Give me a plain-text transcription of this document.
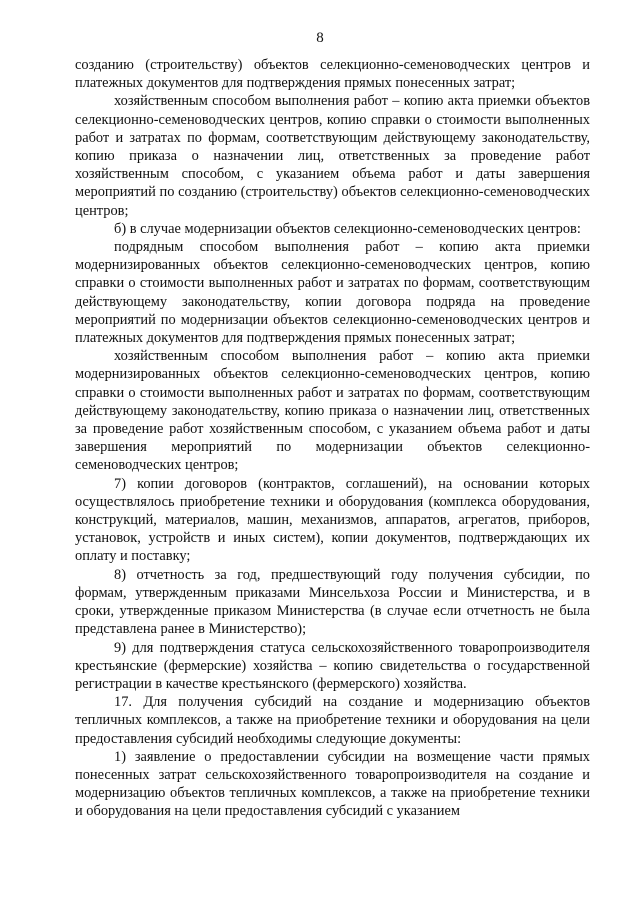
8

созданию (строительству) объектов селекционно-семеноводческих центров и платежных документов для подтверждения прямых понесенных затрат;

хозяйственным способом выполнения работ – копию акта приемки объектов селекционно-семеноводческих центров, копию справки о стоимости выполненных работ и затратах по формам, соответствующим действующему законодательству, копию приказа о назначении лиц, ответственных за проведение работ хозяйственным способом, с указанием объема работ и даты завершения мероприятий по созданию (строительству) объектов селекционно-семеноводческих центров;

б) в случае модернизации объектов селекционно-семеноводческих центров:

подрядным способом выполнения работ – копию акта приемки модернизированных объектов селекционно-семеноводческих центров, копию справки о стоимости выполненных работ и затратах по формам, соответствующим действующему законодательству, копии договора подряда на проведение мероприятий по модернизации объектов селекционно-семеноводческих центров и платежных документов для подтверждения прямых понесенных затрат;

хозяйственным способом выполнения работ – копию акта приемки модернизированных объектов селекционно-семеноводческих центров, копию справки о стоимости выполненных работ и затратах по формам, соответствующим действующему законодательству, копию приказа о назначении лиц, ответственных за проведение работ хозяйственным способом, с указанием объема работ и даты завершения мероприятий по модернизации объектов селекционно-семеноводческих центров;

7) копии договоров (контрактов, соглашений), на основании которых осуществлялось приобретение техники и оборудования (комплекса оборудования, конструкций, материалов, машин, механизмов, аппаратов, агрегатов, приборов, установок, устройств и иных систем), копии документов, подтверждающих их оплату и поставку;

8) отчетность за год, предшествующий году получения субсидии, по формам, утвержденным приказами Минсельхоза России и Министерства, и в сроки, утвержденные приказом Министерства (в случае если отчетность не была представлена ранее в Министерство);

9) для подтверждения статуса сельскохозяйственного товаропроизводителя крестьянские (фермерские) хозяйства – копию свидетельства о государственной регистрации в качестве крестьянского (фермерского) хозяйства.

17. Для получения субсидий на создание и модернизацию объектов тепличных комплексов, а также на приобретение техники и оборудования на цели предоставления субсидий необходимы следующие документы:

1) заявление о предоставлении субсидии на возмещение части прямых понесенных затрат сельскохозяйственного товаропроизводителя на создание и модернизацию объектов тепличных комплексов, а также на приобретение техники и оборудования на цели предоставления субсидий с указанием
